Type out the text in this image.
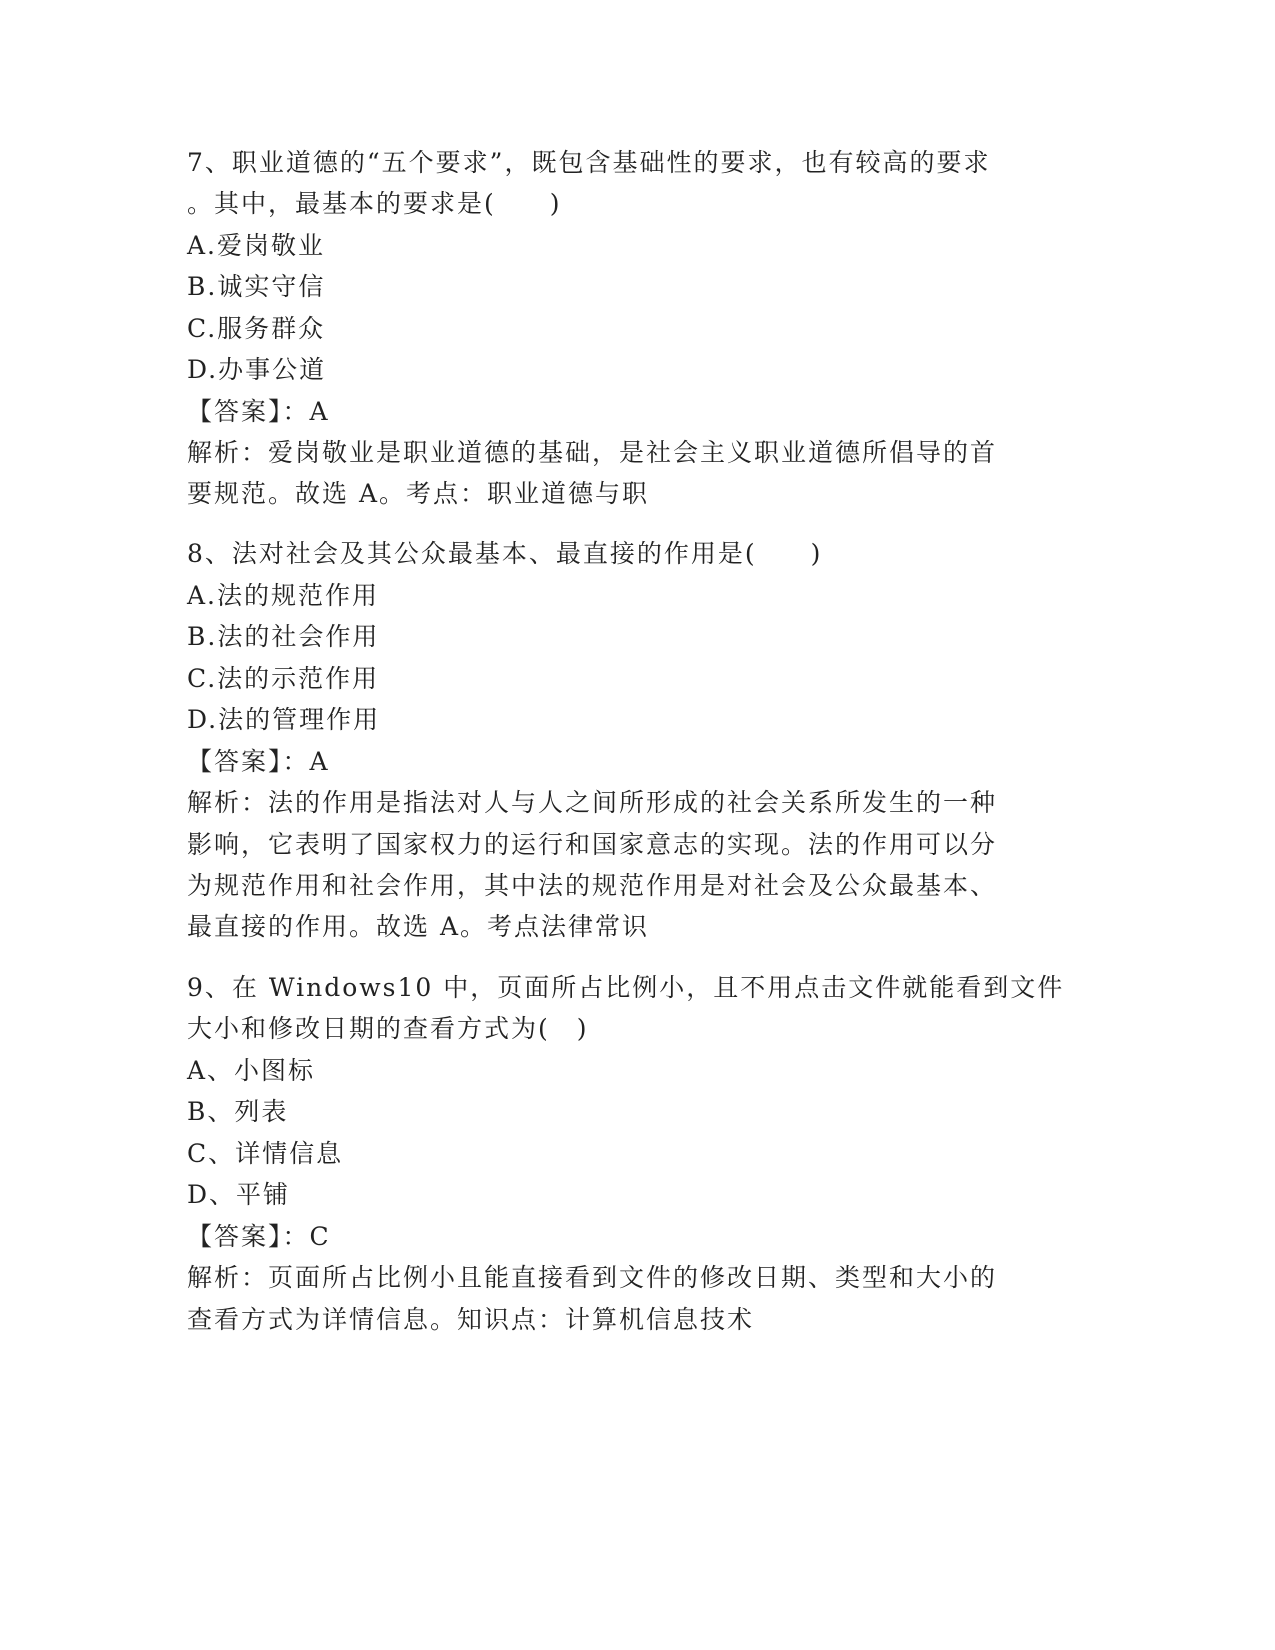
7、职业道德的“五个要求”，既包含基础性的要求，也有较高的要求
。其中，最基本的要求是(　　)
A.爱岗敬业
B.诚实守信
C.服务群众
D.办事公道
【答案】：A
解析：爱岗敬业是职业道德的基础，是社会主义职业道德所倡导的首
要规范。故选 A。考点：职业道德与职
8、法对社会及其公众最基本、最直接的作用是(　　)
A.法的规范作用
B.法的社会作用
C.法的示范作用
D.法的管理作用
【答案】：A
解析：法的作用是指法对人与人之间所形成的社会关系所发生的一种
影响，它表明了国家权力的运行和国家意志的实现。法的作用可以分
为规范作用和社会作用，其中法的规范作用是对社会及公众最基本、
最直接的作用。故选 A。考点法律常识
9、在 Windows10 中，页面所占比例小，且不用点击文件就能看到文件
大小和修改日期的查看方式为(　)
A、小图标
B、列表
C、详情信息
D、平铺
【答案】：C
解析：页面所占比例小且能直接看到文件的修改日期、类型和大小的
查看方式为详情信息。知识点：计算机信息技术
